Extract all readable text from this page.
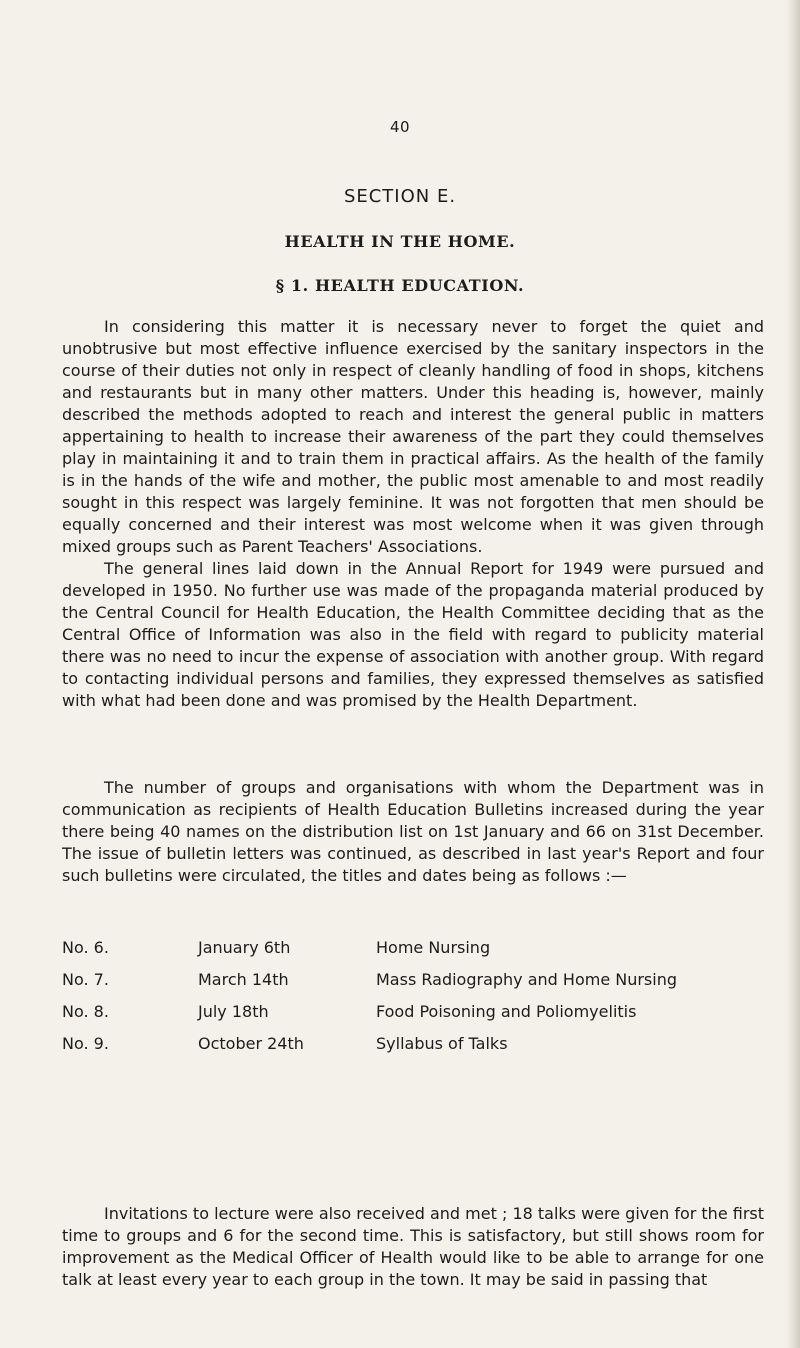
40
SECTION E.
HEALTH IN THE HOME.
§ 1. HEALTH EDUCATION.

In considering this matter it is necessary never to forget the quiet and unobtrusive but most effective influence exercised by the sanitary inspectors in the course of their duties not only in respect of cleanly handling of food in shops, kitchens and restaurants but in many other matters. Under this heading is, however, mainly described the methods adopted to reach and interest the general public in matters appertaining to health to increase their awareness of the part they could themselves play in maintaining it and to train them in practical affairs. As the health of the family is in the hands of the wife and mother, the public most amenable to and most readily sought in this respect was largely feminine. It was not forgotten that men should be equally concerned and their interest was most welcome when it was given through mixed groups such as Parent Teachers' Associations.

The general lines laid down in the Annual Report for 1949 were pursued and developed in 1950. No further use was made of the propaganda material produced by the Central Council for Health Education, the Health Committee deciding that as the Central Office of Information was also in the field with regard to publicity material there was no need to incur the expense of association with another group. With regard to contacting individual persons and families, they expressed themselves as satisfied with what had been done and was promised by the Health Department.

The number of groups and organisations with whom the Department was in communication as recipients of Health Education Bulletins increased during the year there being 40 names on the distribution list on 1st January and 66 on 31st December. The issue of bulletin letters was continued, as described in last year's Report and four such bulletins were circulated, the titles and dates being as follows :—

No. 6.	January 6th	Home Nursing
No. 7.	March 14th	Mass Radiography and Home Nursing
No. 8.	July 18th	Food Poisoning and Poliomyelitis
No. 9.	October 24th	Syllabus of Talks

Invitations to lecture were also received and met ; 18 talks were given for the first time to groups and 6 for the second time. This is satisfactory, but still shows room for improvement as the Medical Officer of Health would like to be able to arrange for one talk at least every year to each group in the town. It may be said in passing that
